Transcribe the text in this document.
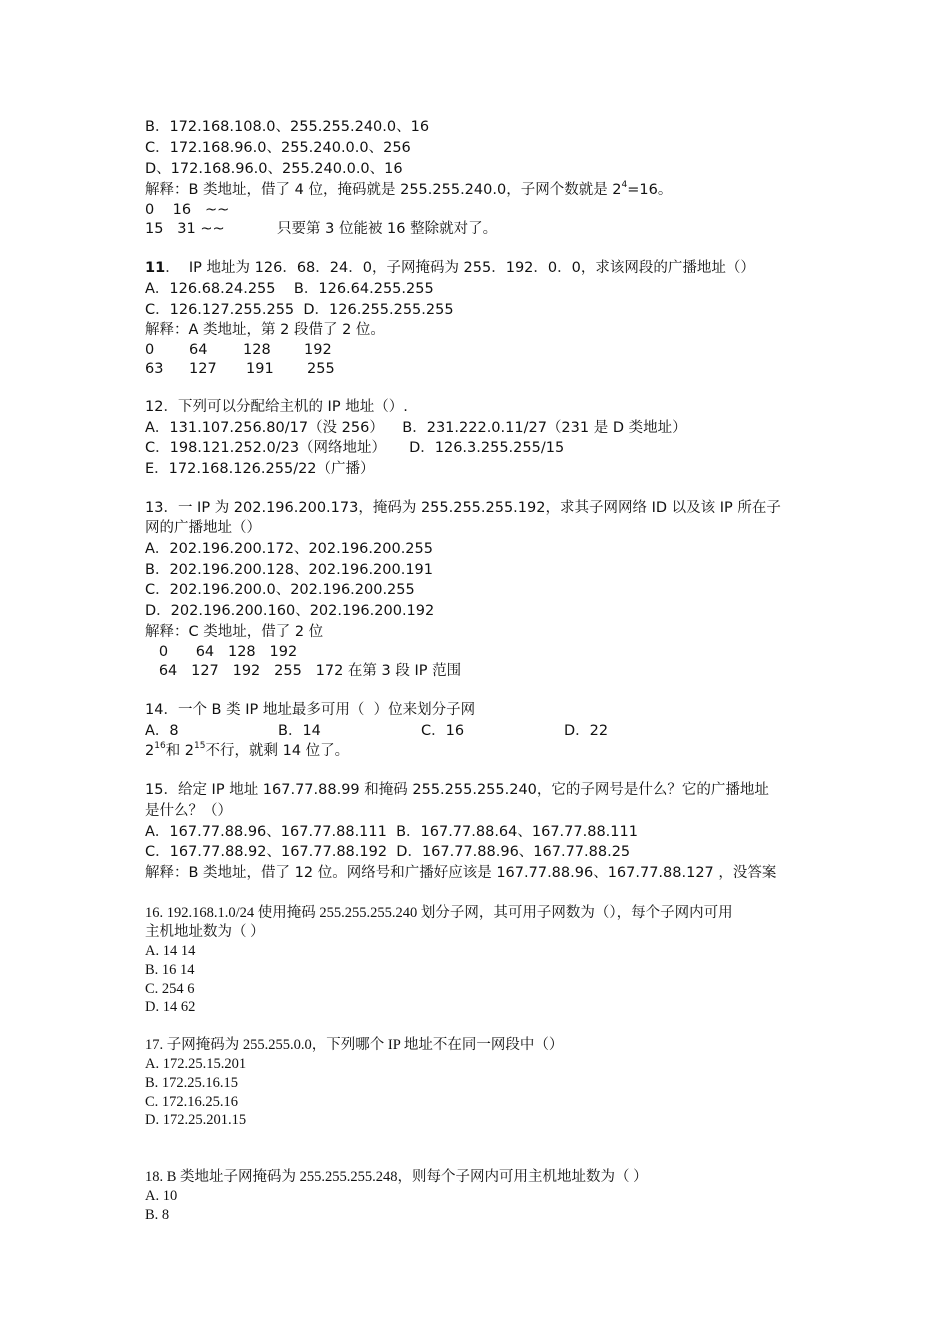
B．172.168.108.0、255.255.240.0、16
C．172.168.96.0、255.240.0.0、256
D、172.168.96.0、255.240.0.0、16
解释：B 类地址，借了 4 位，掩码就是 255.255.240.0，子网个数就是 $2^4=16$。
0    16   ~~
15   31 ~~	只要第 3 位能被 16 整除就对了。
11．  IP 地址为 126．68．24．0，子网掩码为 255．192．0．0，求该网段的广播地址（）
A．126.68.24.255    B．126.64.255.255
C．126.127.255.255  D．126.255.255.255
解释：A 类地址，第 2 段借了 2 位。
0 64 128 192
63 127 191 255
12．下列可以分配给主机的 IP 地址（）.
A．131.107.256.80/17（没 256）    B．231.222.0.11/27（231 是 D 类地址）
C．198.121.252.0/23（网络地址）     D．126.3.255.255/15
E．172.168.126.255/22（广播）
13．一 IP 为 202.196.200.173，掩码为 255.255.255.192，求其子网网络 ID 以及该 IP 所在子
网的广播地址（）
A．202.196.200.172、202.196.200.255
B．202.196.200.128、202.196.200.191
C．202.196.200.0、202.196.200.255
D．202.196.200.160、202.196.200.192
解释：C 类地址，借了 2 位
0      64   128   192
64   127   192   255   172 在第 3 段 IP 范围
14．一个 B 类 IP 地址最多可用（  ）位来划分子网
A．8	B．14	C．16	D．22
$2^{16}$和 $2^{15}$不行，就剩 14 位了。
15．给定 IP 地址 167.77.88.99 和掩码 255.255.255.240，它的子网号是什么？它的广播地址
是什么？（）
A．167.77.88.96、167.77.88.111  B．167.77.88.64、167.77.88.111
C．167.77.88.92、167.77.88.192  D．167.77.88.96、167.77.88.25
解释：B 类地址，借了 12 位。网络号和广播好应该是 167.77.88.96、167.77.88.127 ，没答案
16. 192.168.1.0/24 使用掩码 255.255.255.240 划分子网，其可用子网数为（），每个子网内可用
主机地址数为（ ）
A. 14 14
B. 16 14
C. 254 6
D. 14 62
17. 子网掩码为 255.255.0.0，下列哪个 IP 地址不在同一网段中（）
A. 172.25.15.201
B. 172.25.16.15
C. 172.16.25.16
D. 172.25.201.15
18. B 类地址子网掩码为 255.255.255.248，则每个子网内可用主机地址数为（ ）
A. 10
B. 8
